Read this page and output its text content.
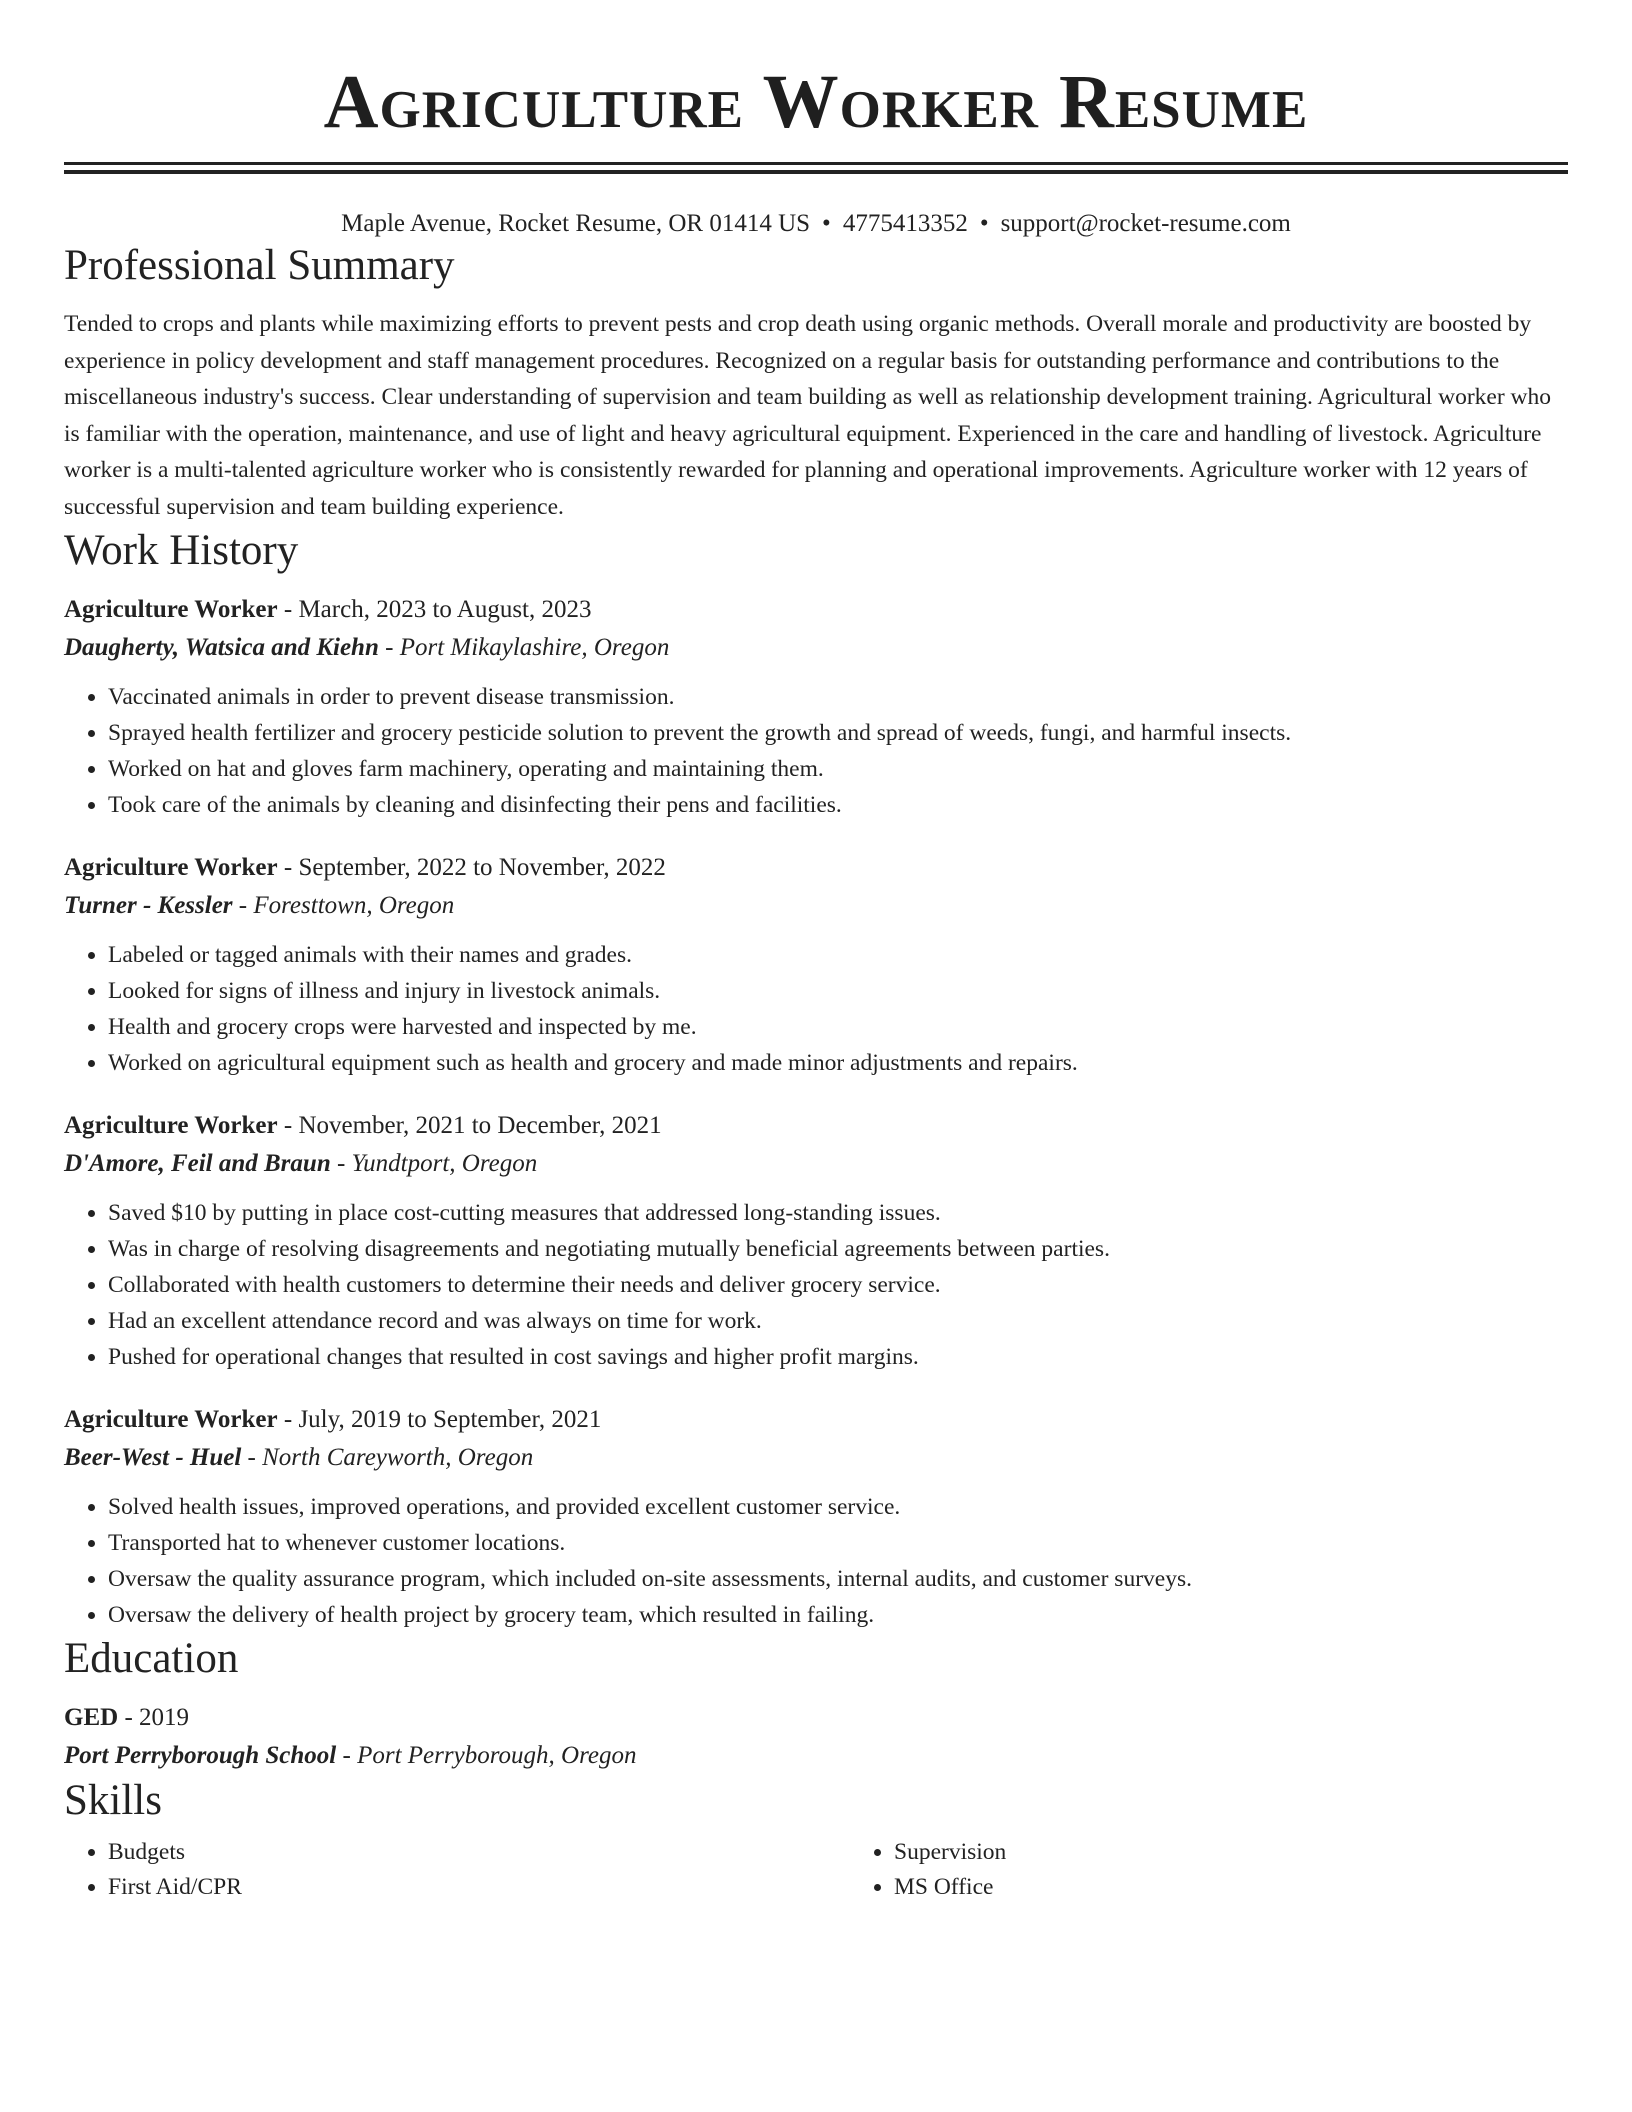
Agriculture Worker Resume
Maple Avenue, Rocket Resume, OR 01414 US • 4775413352 • support@rocket-resume.com
Professional Summary

Tended to crops and plants while maximizing efforts to prevent pests and crop death using organic methods. Overall morale and productivity are boosted by experience in policy development and staff management procedures. Recognized on a regular basis for outstanding performance and contributions to the miscellaneous industry's success. Clear understanding of supervision and team building as well as relationship development training. Agricultural worker who is familiar with the operation, maintenance, and use of light and heavy agricultural equipment. Experienced in the care and handling of livestock. Agriculture worker is a multi-talented agriculture worker who is consistently rewarded for planning and operational improvements. Agriculture worker with 12 years of successful supervision and team building experience.

Work History
Agriculture Worker - March, 2023 to August, 2023
Daugherty, Watsica and Kiehn - Port Mikaylashire, Oregon
• Vaccinated animals in order to prevent disease transmission.
• Sprayed health fertilizer and grocery pesticide solution to prevent the growth and spread of weeds, fungi, and harmful insects.
• Worked on hat and gloves farm machinery, operating and maintaining them.
• Took care of the animals by cleaning and disinfecting their pens and facilities.
Agriculture Worker - September, 2022 to November, 2022
Turner - Kessler - Foresttown, Oregon
• Labeled or tagged animals with their names and grades.
• Looked for signs of illness and injury in livestock animals.
• Health and grocery crops were harvested and inspected by me.
• Worked on agricultural equipment such as health and grocery and made minor adjustments and repairs.
Agriculture Worker - November, 2021 to December, 2021
D'Amore, Feil and Braun - Yundtport, Oregon
• Saved $10 by putting in place cost-cutting measures that addressed long-standing issues.
• Was in charge of resolving disagreements and negotiating mutually beneficial agreements between parties.
• Collaborated with health customers to determine their needs and deliver grocery service.
• Had an excellent attendance record and was always on time for work.
• Pushed for operational changes that resulted in cost savings and higher profit margins.
Agriculture Worker - July, 2019 to September, 2021
Beer-West - Huel - North Careyworth, Oregon
• Solved health issues, improved operations, and provided excellent customer service.
• Transported hat to whenever customer locations.
• Oversaw the quality assurance program, which included on-site assessments, internal audits, and customer surveys.
• Oversaw the delivery of health project by grocery team, which resulted in failing.
Education
GED - 2019
Port Perryborough School - Port Perryborough, Oregon
Skills
• Budgets
• First Aid/CPR
• Supervision
• MS Office
